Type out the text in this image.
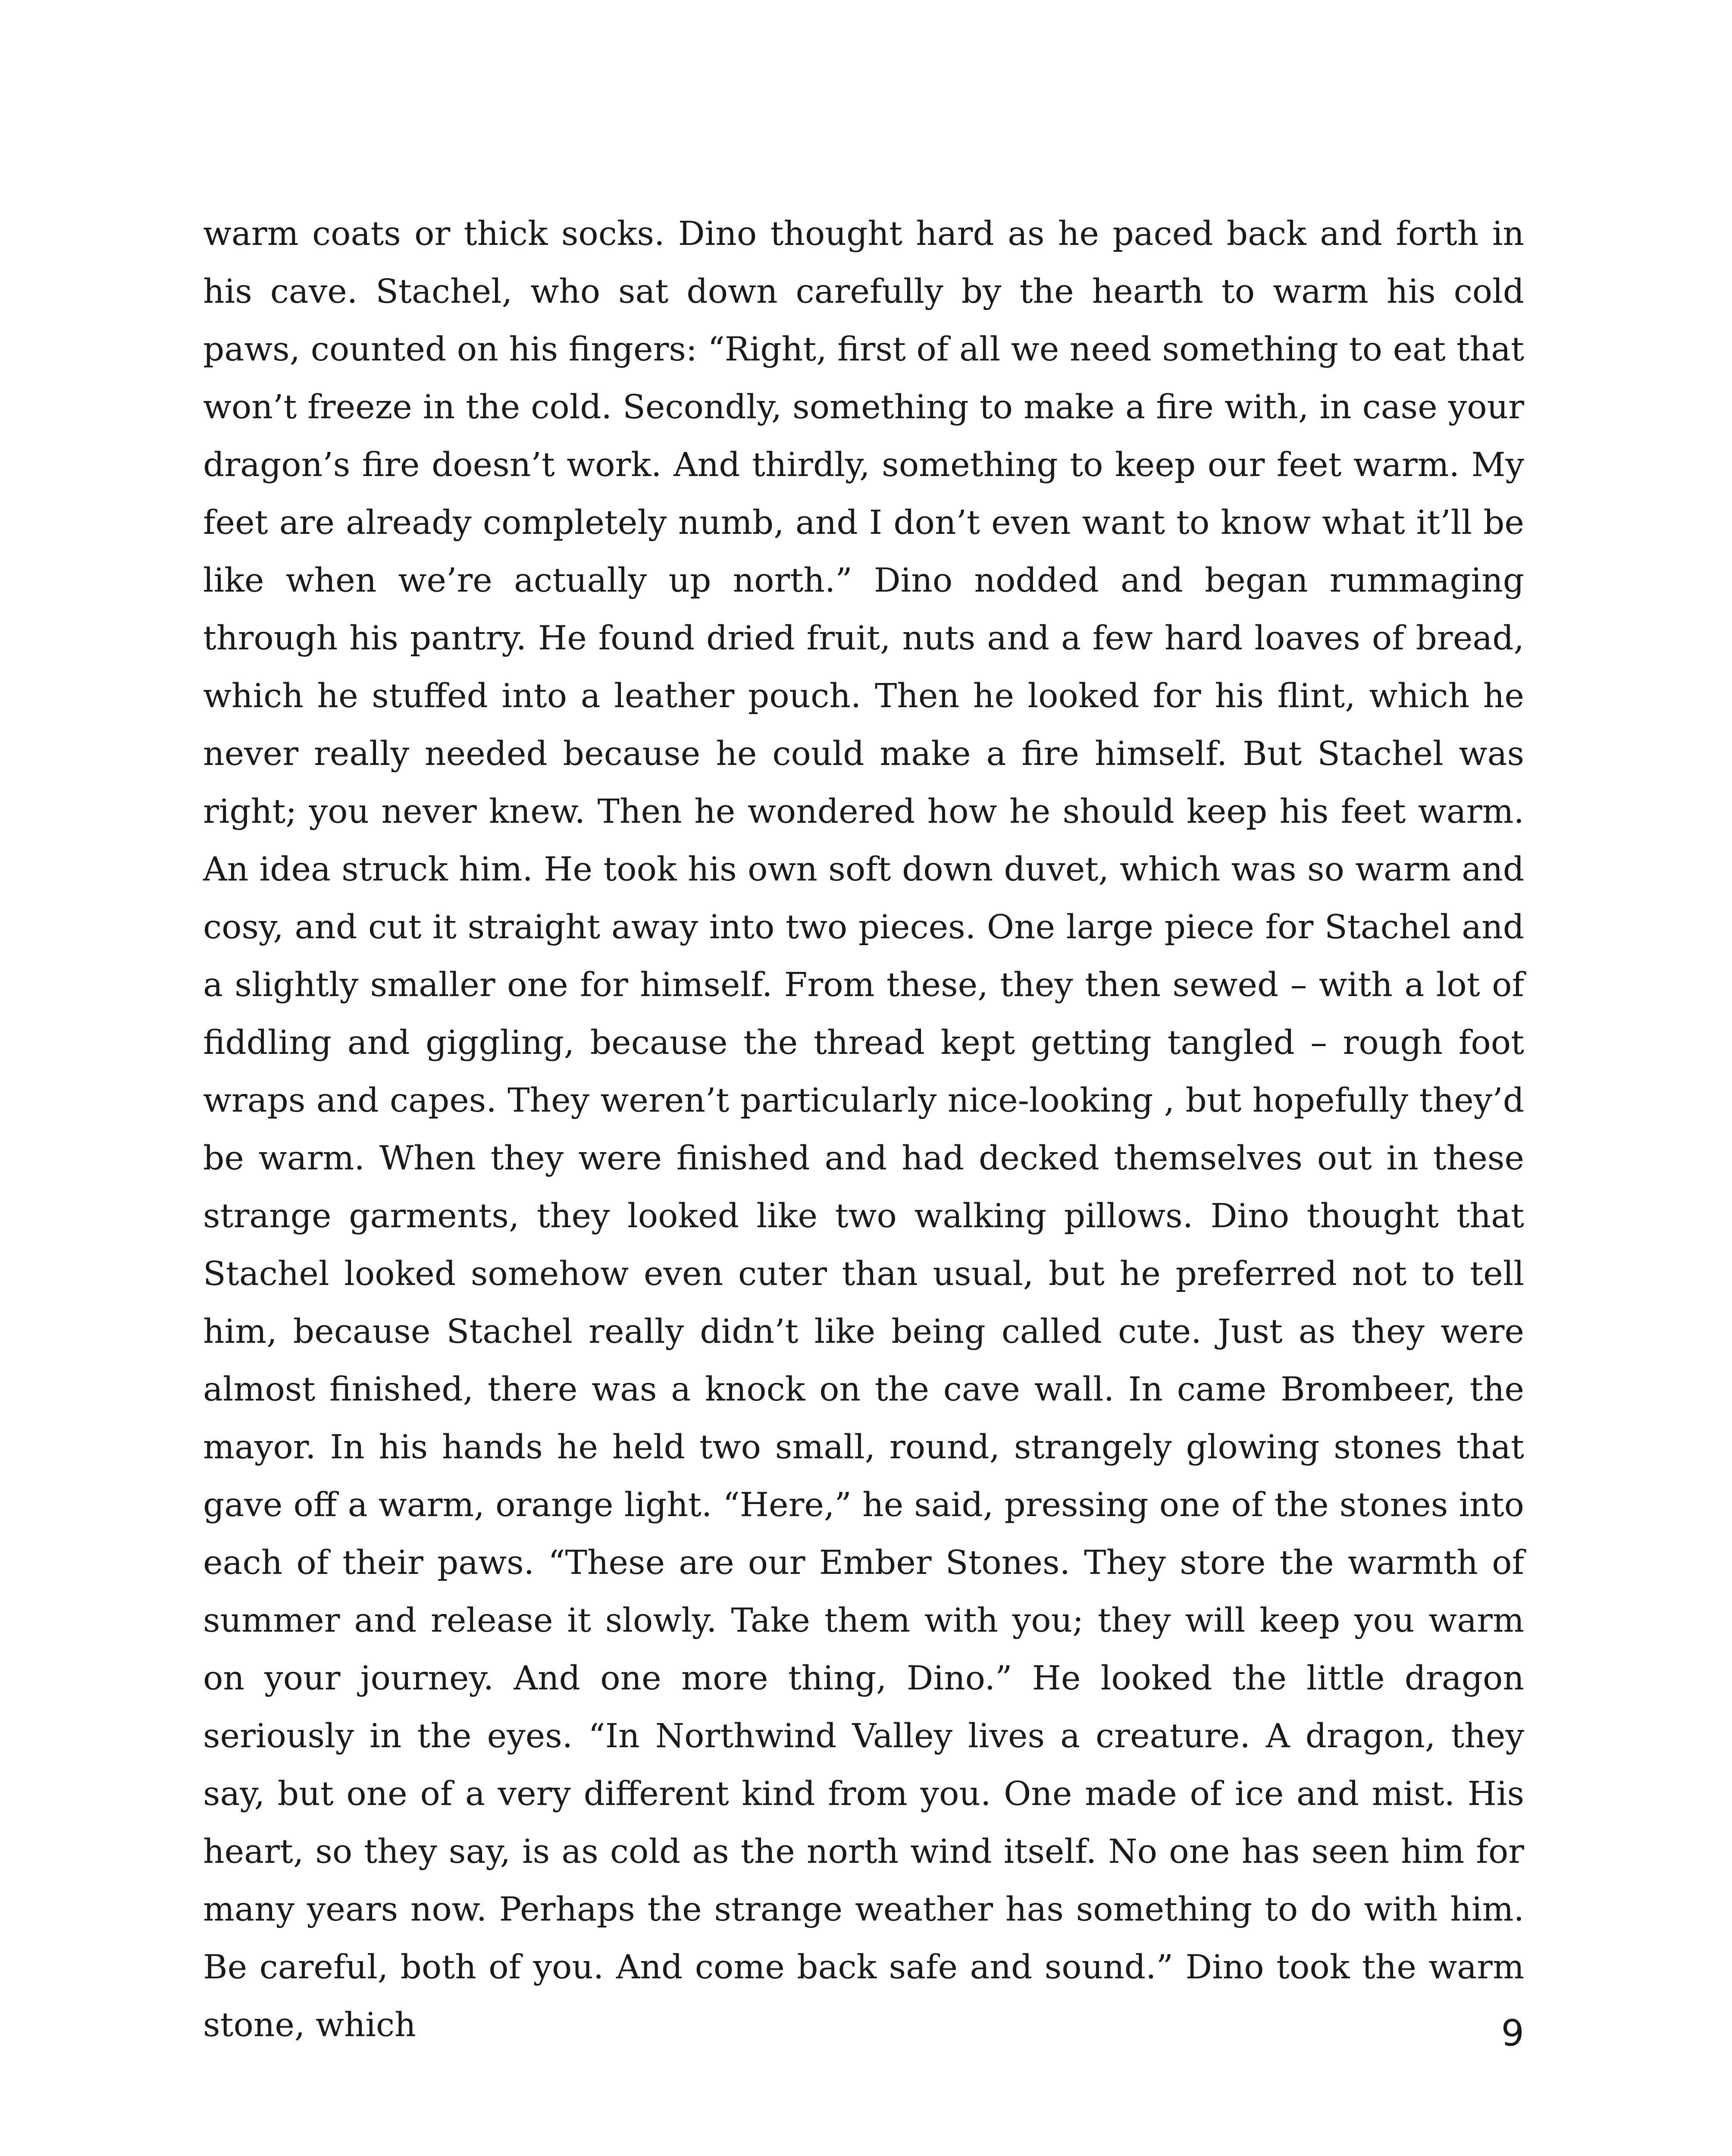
warm coats or thick socks. Dino thought hard as he paced back and forth in his cave. Stachel, who sat down carefully by the hearth to warm his cold paws, counted on his fingers: “Right, first of all we need something to eat that won’t freeze in the cold. Secondly, something to make a fire with, in case your dragon’s fire doesn’t work. And thirdly, something to keep our feet warm. My feet are already completely numb, and I don’t even want to know what it’ll be like when we’re actually up north.” Dino nodded and began rummaging through his pantry. He found dried fruit, nuts and a few hard loaves of bread, which he stuffed into a leather pouch. Then he looked for his flint, which he never really needed because he could make a fire himself. But Stachel was right; you never knew. Then he wondered how he should keep his feet warm. An idea struck him. He took his own soft down duvet, which was so warm and cosy, and cut it straight away into two pieces. One large piece for Stachel and a slightly smaller one for himself. From these, they then sewed – with a lot of fiddling and giggling, because the thread kept getting tangled – rough foot wraps and capes. They weren’t particularly nice-looking , but hopefully they’d be warm. When they were finished and had decked themselves out in these strange garments, they looked like two walking pillows. Dino thought that Stachel looked somehow even cuter than usual, but he preferred not to tell him, because Stachel really didn’t like being called cute. Just as they were almost finished, there was a knock on the cave wall. In came Brombeer, the mayor. In his hands he held two small, round, strangely glowing stones that gave off a warm, orange light. “Here,” he said, pressing one of the stones into each of their paws. “These are our Ember Stones. They store the warmth of summer and release it slowly. Take them with you; they will keep you warm on your journey. And one more thing, Dino.” He looked the little dragon seriously in the eyes. “In Northwind Valley lives a creature. A dragon, they say, but one of a very different kind from you. One made of ice and mist. His heart, so they say, is as cold as the north wind itself. No one has seen him for many years now. Perhaps the strange weather has something to do with him. Be careful, both of you. And come back safe and sound.” Dino took the warm stone, which	9
